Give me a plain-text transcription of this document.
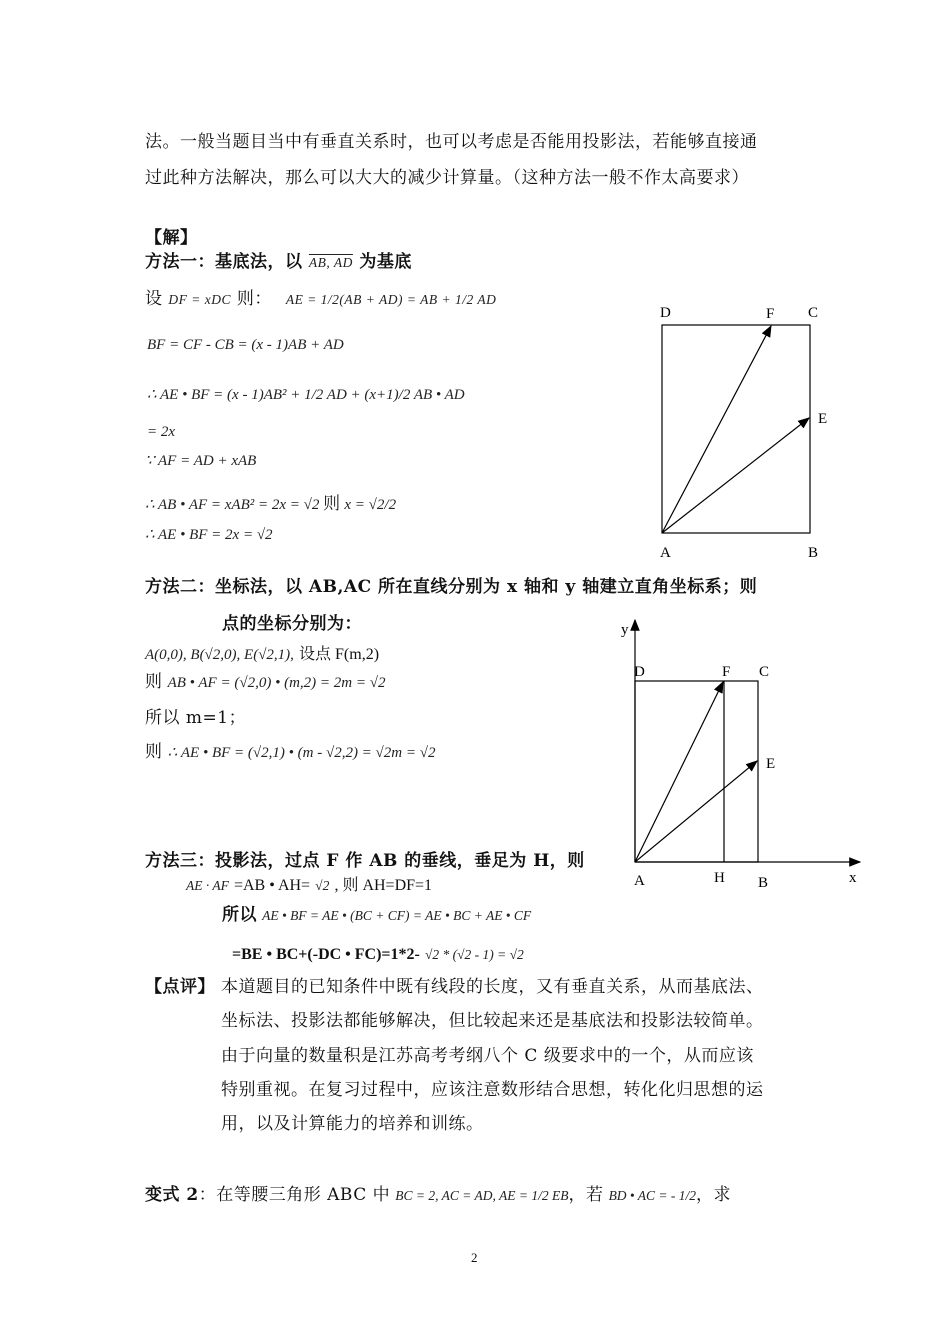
法。一般当题目当中有垂直关系时，也可以考虑是否能用投影法，若能够直接通
过此种方法解决，那么可以大大的减少计算量。（这种方法一般不作太高要求）
【解】
方法一：基底法，以 AB, AD 为基底
设 DF = xDC 则： AE = 1/2(AB + AD) = AB + 1/2 AD
BF = CF - CB = (x - 1)AB + AD
∴ AE • BF = (x - 1)AB² + 1/2 AD + (x+1)/2 AB • AD
= 2x
∵ AF = AD + xAB
∴ AB • AF = xAB² = 2x = √2 则 x = √2/2
∴ AE • BF = 2x = √2
D	F C
E
A	B
方法二：坐标法，以 AB,AC 所在直线分别为 x 轴和 y 轴建立直角坐标系；则
点的坐标分别为：
A(0,0), B(√2,0), E(√2,1), 设点 F(m,2)
则 AB • AF = (√2,0) • (m,2) = 2m = √2
所以 m=1；
则 ∴ AE • BF = (√2,1) • (m - √2,2) = √2m = √2
y
D	F C
E
A	H B	x
方法三：投影法，过点 F 作 AB 的垂线，垂足为 H，则
AE · AF =AB • AH= √2 , 则 AH=DF=1
所以 AE • BF = AE • (BC + CF) = AE • BC + AE • CF
=BE • BC+(-DC • FC)=1*2- √2 * (√2 - 1) = √2
【点评】 本道题目的已知条件中既有线段的长度，又有垂直关系，从而基底法、
坐标法、投影法都能够解决，但比较起来还是基底法和投影法较简单。
由于向量的数量积是江苏高考考纲八个 C 级要求中的一个，从而应该
特别重视。在复习过程中，应该注意数形结合思想，转化化归思想的运
用，以及计算能力的培养和训练。
变式 2：在等腰三角形 ABC 中 BC = 2, AC = AD, AE = 1/2 EB，若 BD • AC = - 1/2，求
2
